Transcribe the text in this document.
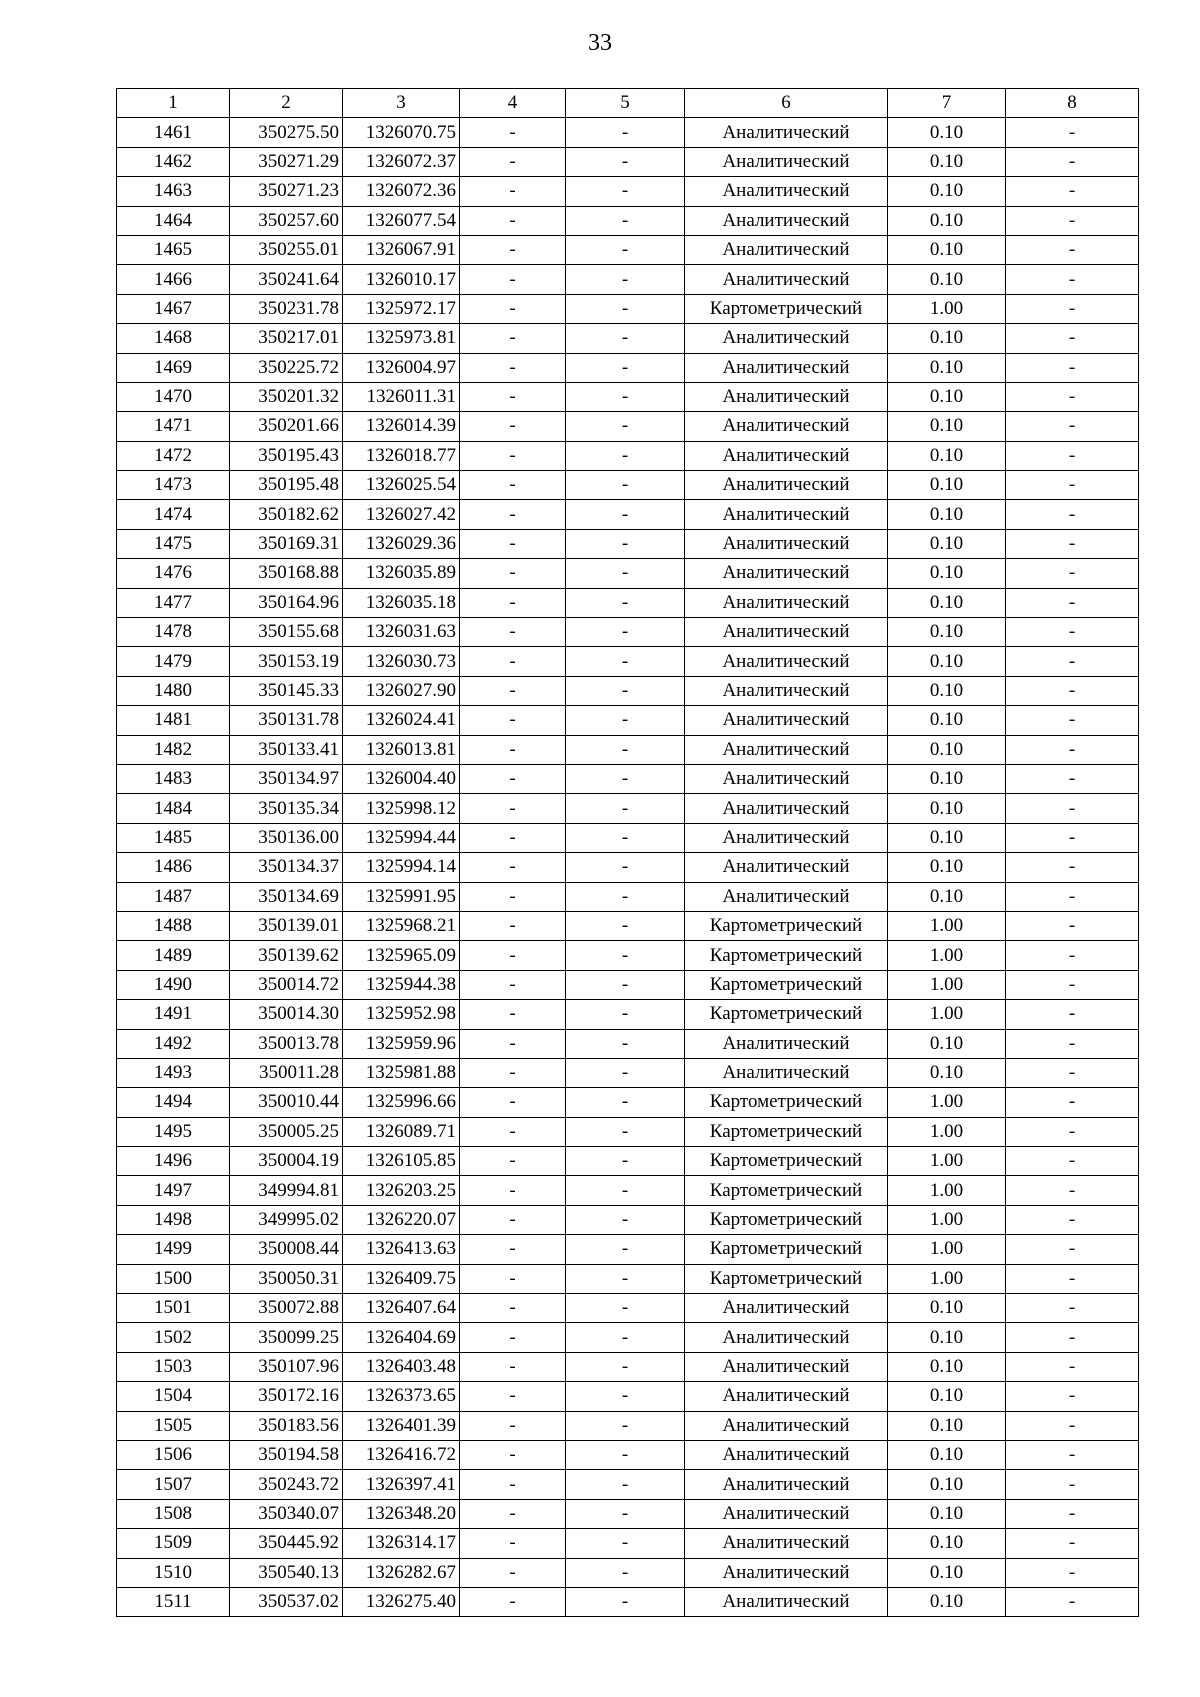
33
1	2	3	4	5	6	7	8
1461	350275.50	1326070.75	-	-	Аналитический	0.10	-
1462	350271.29	1326072.37	-	-	Аналитический	0.10	-
1463	350271.23	1326072.36	-	-	Аналитический	0.10	-
1464	350257.60	1326077.54	-	-	Аналитический	0.10	-
1465	350255.01	1326067.91	-	-	Аналитический	0.10	-
1466	350241.64	1326010.17	-	-	Аналитический	0.10	-
1467	350231.78	1325972.17	-	-	Картометрический	1.00	-
1468	350217.01	1325973.81	-	-	Аналитический	0.10	-
1469	350225.72	1326004.97	-	-	Аналитический	0.10	-
1470	350201.32	1326011.31	-	-	Аналитический	0.10	-
1471	350201.66	1326014.39	-	-	Аналитический	0.10	-
1472	350195.43	1326018.77	-	-	Аналитический	0.10	-
1473	350195.48	1326025.54	-	-	Аналитический	0.10	-
1474	350182.62	1326027.42	-	-	Аналитический	0.10	-
1475	350169.31	1326029.36	-	-	Аналитический	0.10	-
1476	350168.88	1326035.89	-	-	Аналитический	0.10	-
1477	350164.96	1326035.18	-	-	Аналитический	0.10	-
1478	350155.68	1326031.63	-	-	Аналитический	0.10	-
1479	350153.19	1326030.73	-	-	Аналитический	0.10	-
1480	350145.33	1326027.90	-	-	Аналитический	0.10	-
1481	350131.78	1326024.41	-	-	Аналитический	0.10	-
1482	350133.41	1326013.81	-	-	Аналитический	0.10	-
1483	350134.97	1326004.40	-	-	Аналитический	0.10	-
1484	350135.34	1325998.12	-	-	Аналитический	0.10	-
1485	350136.00	1325994.44	-	-	Аналитический	0.10	-
1486	350134.37	1325994.14	-	-	Аналитический	0.10	-
1487	350134.69	1325991.95	-	-	Аналитический	0.10	-
1488	350139.01	1325968.21	-	-	Картометрический	1.00	-
1489	350139.62	1325965.09	-	-	Картометрический	1.00	-
1490	350014.72	1325944.38	-	-	Картометрический	1.00	-
1491	350014.30	1325952.98	-	-	Картометрический	1.00	-
1492	350013.78	1325959.96	-	-	Аналитический	0.10	-
1493	350011.28	1325981.88	-	-	Аналитический	0.10	-
1494	350010.44	1325996.66	-	-	Картометрический	1.00	-
1495	350005.25	1326089.71	-	-	Картометрический	1.00	-
1496	350004.19	1326105.85	-	-	Картометрический	1.00	-
1497	349994.81	1326203.25	-	-	Картометрический	1.00	-
1498	349995.02	1326220.07	-	-	Картометрический	1.00	-
1499	350008.44	1326413.63	-	-	Картометрический	1.00	-
1500	350050.31	1326409.75	-	-	Картометрический	1.00	-
1501	350072.88	1326407.64	-	-	Аналитический	0.10	-
1502	350099.25	1326404.69	-	-	Аналитический	0.10	-
1503	350107.96	1326403.48	-	-	Аналитический	0.10	-
1504	350172.16	1326373.65	-	-	Аналитический	0.10	-
1505	350183.56	1326401.39	-	-	Аналитический	0.10	-
1506	350194.58	1326416.72	-	-	Аналитический	0.10	-
1507	350243.72	1326397.41	-	-	Аналитический	0.10	-
1508	350340.07	1326348.20	-	-	Аналитический	0.10	-
1509	350445.92	1326314.17	-	-	Аналитический	0.10	-
1510	350540.13	1326282.67	-	-	Аналитический	0.10	-
1511	350537.02	1326275.40	-	-	Аналитический	0.10	-
